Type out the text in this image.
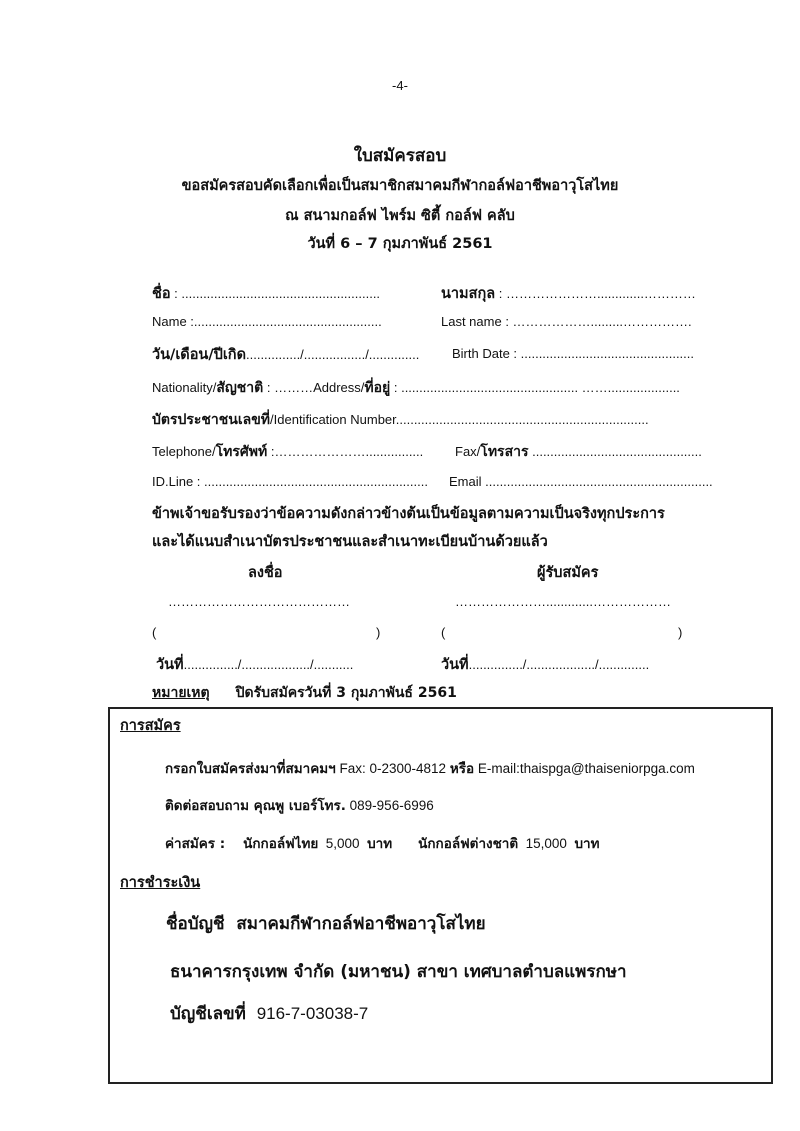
-4-
ใบสมัครสอบ
ขอสมัครสอบคัดเลือกเพื่อเป็นสมาชิกสมาคมกีฬากอล์ฟอาชีพอาวุโสไทย
ณ สนามกอล์ฟ ไพร์ม ซิตี้ กอล์ฟ คลับ
วันที่ 6 – 7 กุมภาพันธ์ 2561
ชื่อ : .......................................................	นามสกุล : ………………….............…………
Name :....................................................	Last name : ……………….........…………….
วัน/เดือน/ปีเกิด.............../................./..............	Birth Date : ................................................
Nationality/สัญชาติ : ………Address/ที่อยู่ : ................................................. ……....................
บัตรประชาชนเลขที่/Identification Number......................................................................
Telephone/โทรศัพท์ :…………………................ Fax/โทรสาร ...............................................
ID.Line : .............................................................. Email ...............................................................
ข้าพเจ้าขอรับรองว่าข้อความดังกล่าวข้างต้นเป็นข้อมูลตามความเป็นจริงทุกประการ
และได้แนบสำเนาบัตรประชาชนและสำเนาทะเบียนบ้านด้วยแล้ว
ลงชื่อ	ผู้รับสมัคร
……………………………………	………………….............………………
(	)	(	)
วันที่.............../.................../...........	วันที่.............../.................../..............
หมายเหตุ ปิดรับสมัครวันที่ 3 กุมภาพันธ์ 2561
การสมัคร
กรอกใบสมัครส่งมาที่สมาคมฯ Fax: 0-2300-4812 หรือ E-mail:thaispga@thaiseniorpga.com
ติดต่อสอบถาม คุณพู เบอร์โทร. 089-956-6996
ค่าสมัคร : นักกอล์ฟไทย 5,000 บาท นักกอล์ฟต่างชาติ 15,000 บาท
การชำระเงิน
ชื่อบัญชี สมาคมกีฬากอล์ฟอาชีพอาวุโสไทย
ธนาคารกรุงเทพ จำกัด (มหาชน) สาขา เทศบาลตำบลแพรกษา
บัญชีเลขที่ 916-7-03038-7
